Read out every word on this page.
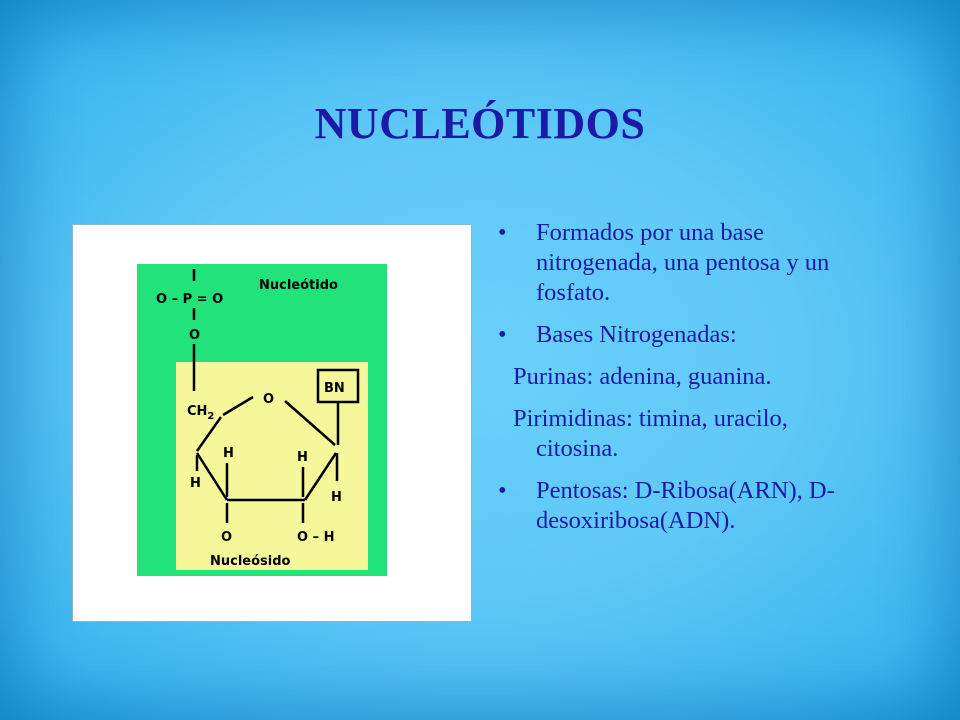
NUCLEÓTIDOS
Nucleótido
Nucleósido
O – P = O
O
$CH_2$
O
BN
H
H	H
H
O	O – H
• Formados por una base nitrogenada, una pentosa y un fosfato.
• Bases Nitrogenadas:
Purinas: adenina, guanina.
Pirimidinas: timina, uracilo,
citosina.
• Pentosas: D-Ribosa(ARN), D-desoxiribosa(ADN).
